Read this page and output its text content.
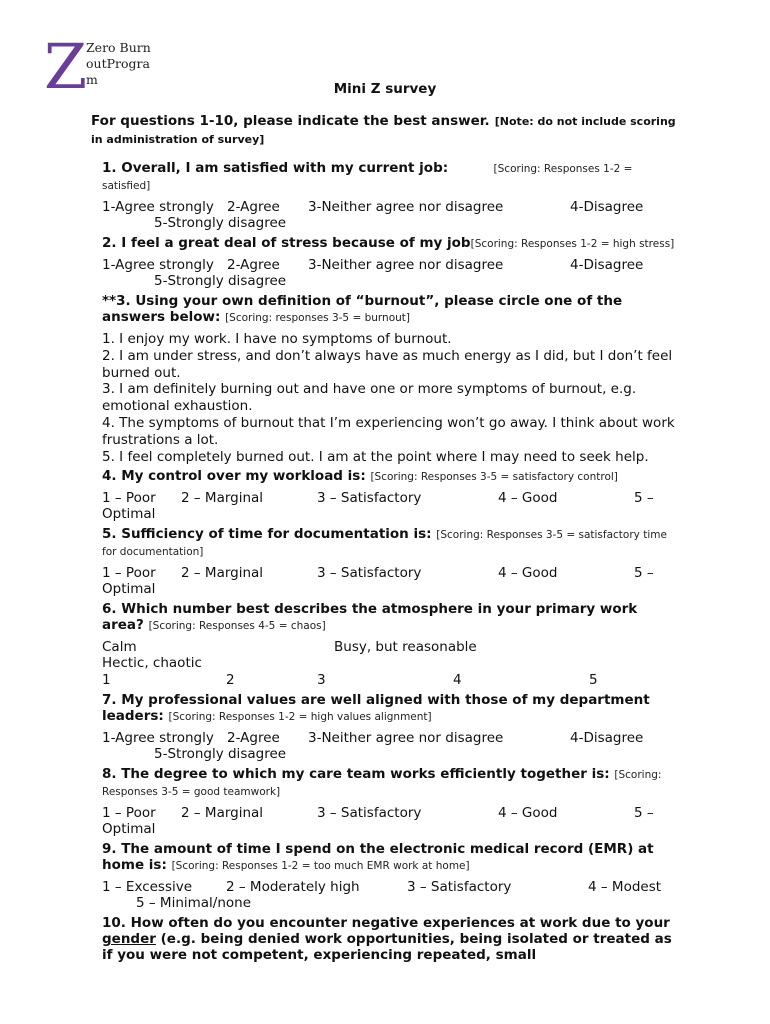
Z
Zero BurnoutProgram
Mini Z survey
For questions 1-10, please indicate the best answer. [Note: do not include scoring in administration of survey]
1. Overall, I am satisfied with my current job:	[Scoring: Responses 1-2 = satisfied]
1-Agree strongly 2-Agree 3-Neither agree nor disagree	4-Disagree
5-Strongly disagree
2. I feel a great deal of stress because of my job[Scoring: Responses 1-2 = high stress]
1-Agree strongly 2-Agree 3-Neither agree nor disagree	4-Disagree
5-Strongly disagree
**3. Using your own definition of “burnout”, please circle one of the answers below: [Scoring: responses 3-5 = burnout]
1. I enjoy my work. I have no symptoms of burnout.
2. I am under stress, and don’t always have as much energy as I did, but I don’t feel burned out.
3. I am definitely burning out and have one or more symptoms of burnout, e.g. emotional exhaustion.
4. The symptoms of burnout that I’m experiencing won’t go away. I think about work frustrations a lot.
5. I feel completely burned out. I am at the point where I may need to seek help.
4. My control over my workload is: [Scoring: Responses 3-5 = satisfactory control]
1 – Poor 2 – Marginal	3 – Satisfactory	4 – Good	5 –
Optimal
5. Sufficiency of time for documentation is: [Scoring: Responses 3-5 = satisfactory time for documentation]
1 – Poor 2 – Marginal	3 – Satisfactory	4 – Good	5 –
Optimal
6. Which number best describes the atmosphere in your primary work area? [Scoring: Responses 4-5 = chaos]
Calm	Busy, but reasonable
Hectic, chaotic
1	2	3	4	5
7. My professional values are well aligned with those of my department leaders: [Scoring: Responses 1-2 = high values alignment]
1-Agree strongly 2-Agree 3-Neither agree nor disagree	4-Disagree
5-Strongly disagree
8. The degree to which my care team works efficiently together is: [Scoring: Responses 3-5 = good teamwork]
1 – Poor 2 – Marginal	3 – Satisfactory	4 – Good	5 –
Optimal
9. The amount of time I spend on the electronic medical record (EMR) at home is: [Scoring: Responses 1-2 = too much EMR work at home]
1 – Excessive	2 – Moderately high	3 – Satisfactory	4 – Modest
5 – Minimal/none
10. How often do you encounter negative experiences at work due to your gender (e.g. being denied work opportunities, being isolated or treated as if you were not competent, experiencing repeated, small
